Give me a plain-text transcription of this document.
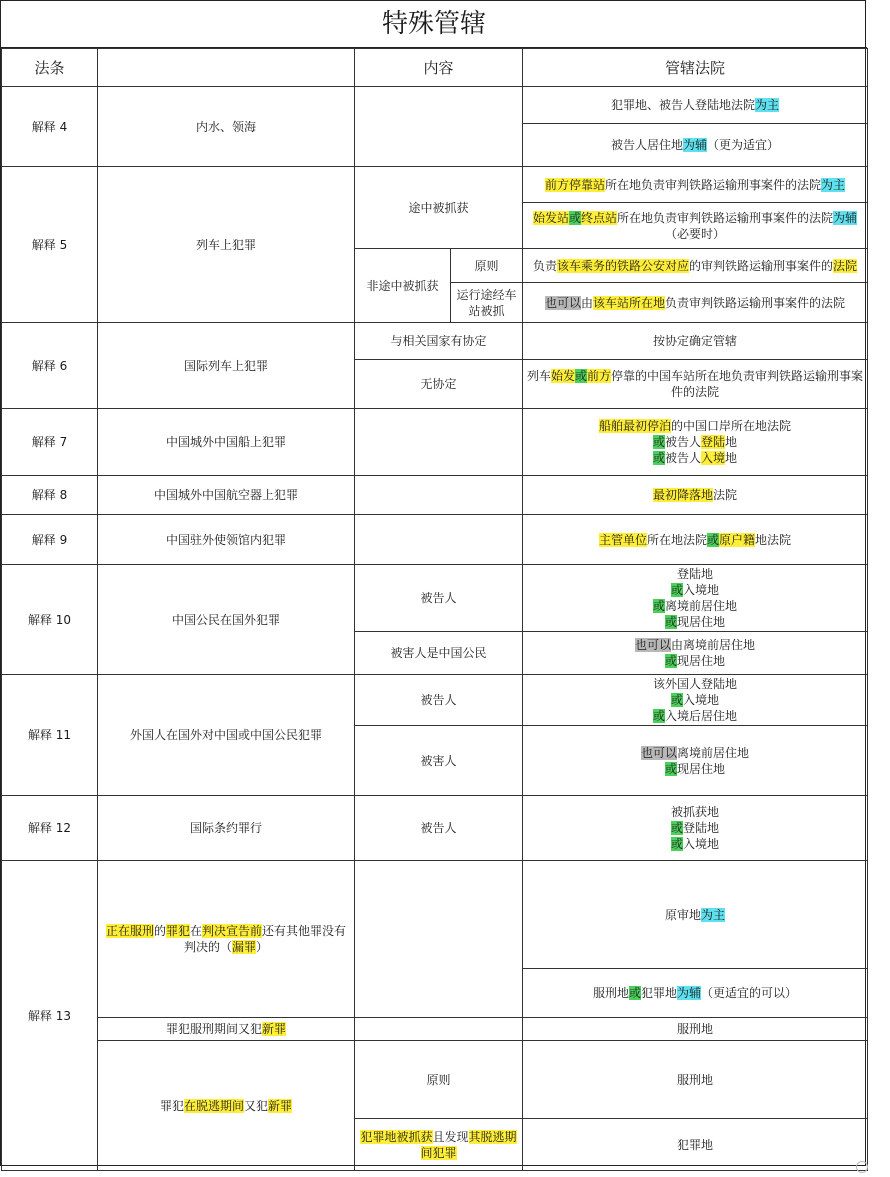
特殊管辖
法条		内容		管辖法院
解释 4	内水、领海			犯罪地、被告人登陆地法院为主
				被告人居住地为辅（更为适宜）
解释 5	列车上犯罪	途中被抓获		前方停靠站所在地负责审判铁路运输刑事案件的法院为主
				始发站或终点站所在地负责审判铁路运输刑事案件的法院为辅
（必要时）
		非途中被抓获	原则	负责该车乘务的铁路公安对应的审判铁路运输刑事案件的法院
			运行途经车站被抓	也可以由该车站所在地负责审判铁路运输刑事案件的法院
解释 6	国际列车上犯罪	与相关国家有协定		按协定确定管辖
		无协定		列车始发或前方停靠的中国车站所在地负责审判铁路运输刑事案件的法院
解释 7	中国城外中国船上犯罪			船舶最初停泊的中国口岸所在地法院
或被告人登陆地
或被告人入境地
解释 8	中国城外中国航空器上犯罪			最初降落地法院
解释 9	中国驻外使领馆内犯罪			主管单位所在地法院或原户籍地法院
解释 10	中国公民在国外犯罪	被告人		登陆地
或入境地
或离境前居住地
或现居住地
		被害人是中国公民		也可以由离境前居住地
或现居住地
解释 11	外国人在国外对中国或中国公民犯罪	被告人		该外国人登陆地
或入境地
或入境后居住地
		被害人		也可以离境前居住地
或现居住地
解释 12	国际条约罪行	被告人		被抓获地
或登陆地
或入境地
解释 13	正在服刑的罪犯在判决宣告前还有其他罪没有判决的（漏罪）			原审地为主
				服刑地或犯罪地为辅（更适宜的可以）
	罪犯服刑期间又犯新罪			服刑地
	罪犯在脱逃期间又犯新罪	原则		服刑地
		犯罪地被抓获且发现其脱逃期间犯罪		犯罪地
